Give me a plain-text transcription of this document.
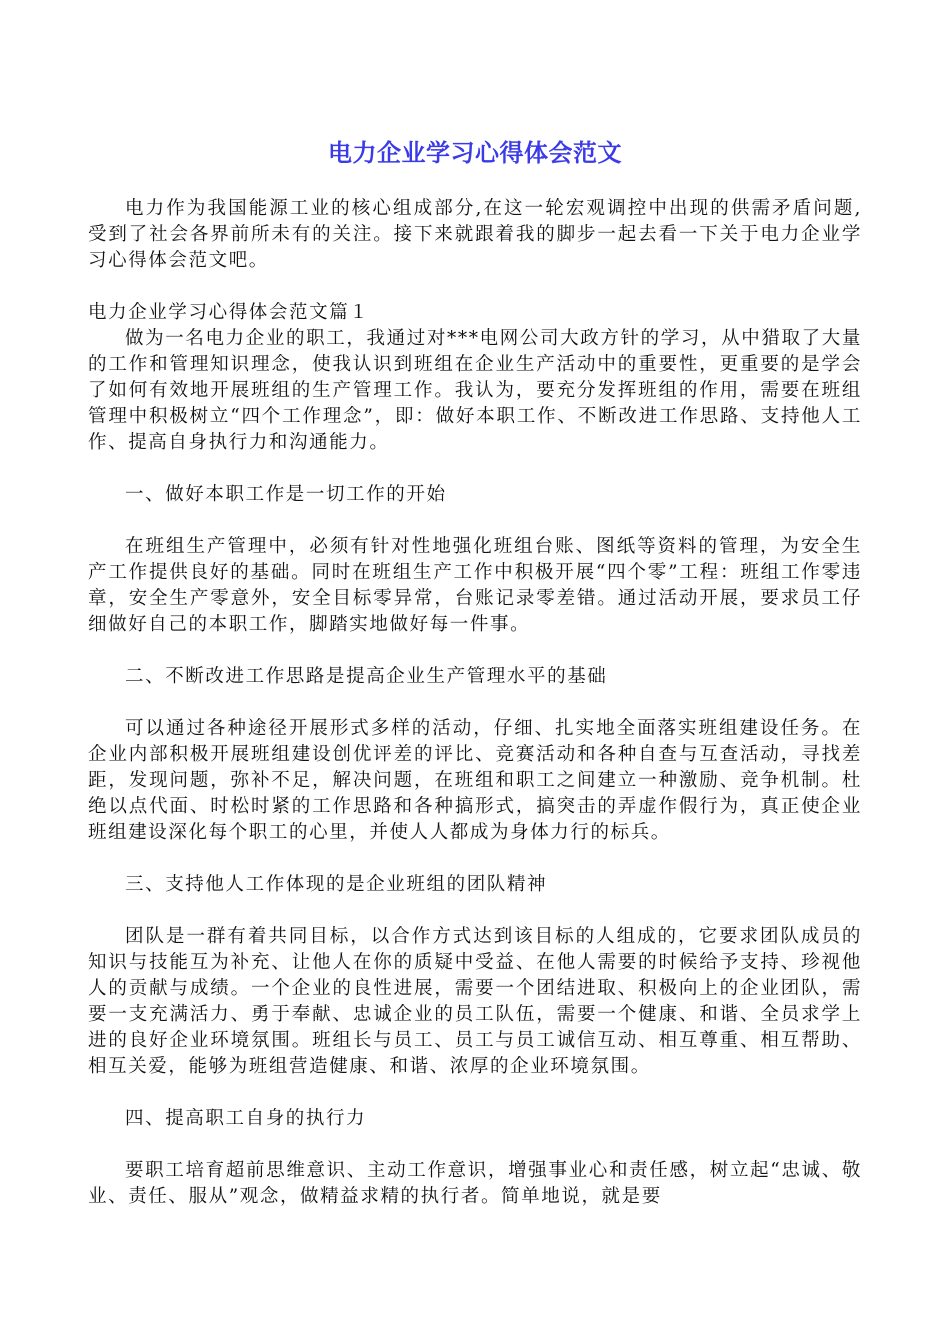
电力企业学习心得体会范文

电力作为我国能源工业的核心组成部分,在这一轮宏观调控中出现的供需矛盾问题,受到了社会各界前所未有的关注。接下来就跟着我的脚步一起去看一下关于电力企业学习心得体会范文吧。

电力企业学习心得体会范文篇１

做为一名电力企业的职工，我通过对***电网公司大政方针的学习，从中猎取了大量的工作和管理知识理念，使我认识到班组在企业生产活动中的重要性，更重要的是学会了如何有效地开展班组的生产管理工作。我认为，要充分发挥班组的作用，需要在班组管理中积极树立“四个工作理念”，即：做好本职工作、不断改进工作思路、支持他人工作、提高自身执行力和沟通能力。

一、做好本职工作是一切工作的开始

在班组生产管理中，必须有针对性地强化班组台账、图纸等资料的管理，为安全生产工作提供良好的基础。同时在班组生产工作中积极开展“四个零”工程：班组工作零违章，安全生产零意外，安全目标零异常，台账记录零差错。通过活动开展，要求员工仔细做好自己的本职工作，脚踏实地做好每一件事。

二、不断改进工作思路是提高企业生产管理水平的基础

可以通过各种途径开展形式多样的活动，仔细、扎实地全面落实班组建设任务。在企业内部积极开展班组建设创优评差的评比、竞赛活动和各种自查与互查活动，寻找差距，发现问题，弥补不足，解决问题，在班组和职工之间建立一种激励、竞争机制。杜绝以点代面、时松时紧的工作思路和各种搞形式，搞突击的弄虚作假行为，真正使企业班组建设深化每个职工的心里，并使人人都成为身体力行的标兵。

三、支持他人工作体现的是企业班组的团队精神

团队是一群有着共同目标，以合作方式达到该目标的人组成的，它要求团队成员的知识与技能互为补充、让他人在你的质疑中受益、在他人需要的时候给予支持、珍视他人的贡献与成绩。一个企业的良性进展，需要一个团结进取、积极向上的企业团队，需要一支充满活力、勇于奉献、忠诚企业的员工队伍，需要一个健康、和谐、全员求学上进的良好企业环境氛围。班组长与员工、员工与员工诚信互动、相互尊重、相互帮助、相互关爱，能够为班组营造健康、和谐、浓厚的企业环境氛围。

四、提高职工自身的执行力

要职工培育超前思维意识、主动工作意识，增强事业心和责任感，树立起“忠诚、敬业、责任、服从”观念，做精益求精的执行者。简单地说，就是要
